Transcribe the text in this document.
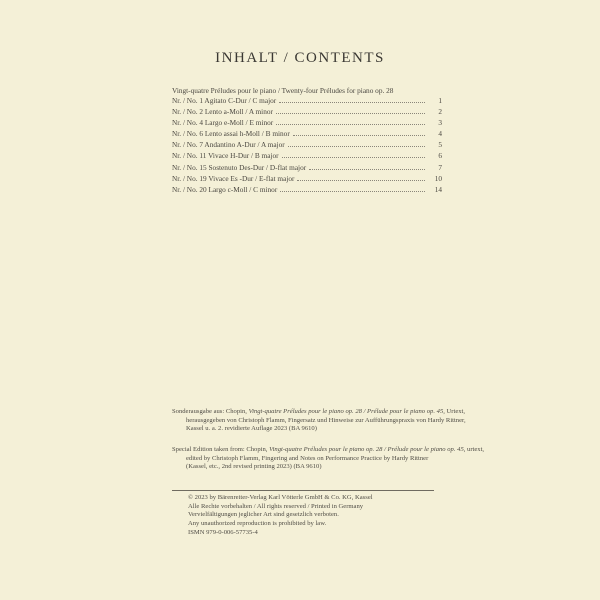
INHALT / CONTENTS
Vingt-quatre Préludes pour le piano / Twenty-four Préludes for piano op. 28
Nr. / No. 1 Agitato C-Dur / C major	1
Nr. / No. 2 Lento a-Moll / A minor	2
Nr. / No. 4 Largo e-Moll / E minor	3
Nr. / No. 6 Lento assai h-Moll / B minor	4
Nr. / No. 7 Andantino A-Dur / A major	5
Nr. / No. 11 Vivace H-Dur / B major	6
Nr. / No. 15 Sostenuto Des-Dur / D-flat major	7
Nr. / No. 19 Vivace Es -Dur / E-flat major	10
Nr. / No. 20 Largo c-Moll / C minor	14
Sonderausgabe aus: Chopin, Vingt-quatre Préludes pour le piano op. 28 / Prélude pour le piano op. 45, Urtext,
herausgegeben von Christoph Flamm, Fingersatz und Hinweise zur Aufführungspraxis von Hardy Rittner,
Kassel u. a. 2. revidierte Auflage 2023 (BA 9610)
Special Edition taken from: Chopin, Vingt-quatre Préludes pour le piano op. 28 / Prélude pour le piano op. 45, urtext,
edited by Christoph Flamm, Fingering and Notes on Performance Practice by Hardy Rittner
(Kassel, etc., 2nd revised printing 2023) (BA 9610)
© 2023 by Bärenreiter-Verlag Karl Vötterle GmbH & Co. KG, Kassel
Alle Rechte vorbehalten / All rights reserved / Printed in Germany
Vervielfältigungen jeglicher Art sind gesetzlich verboten.
Any unauthorized reproduction is prohibited by law.
ISMN 979-0-006-57735-4
